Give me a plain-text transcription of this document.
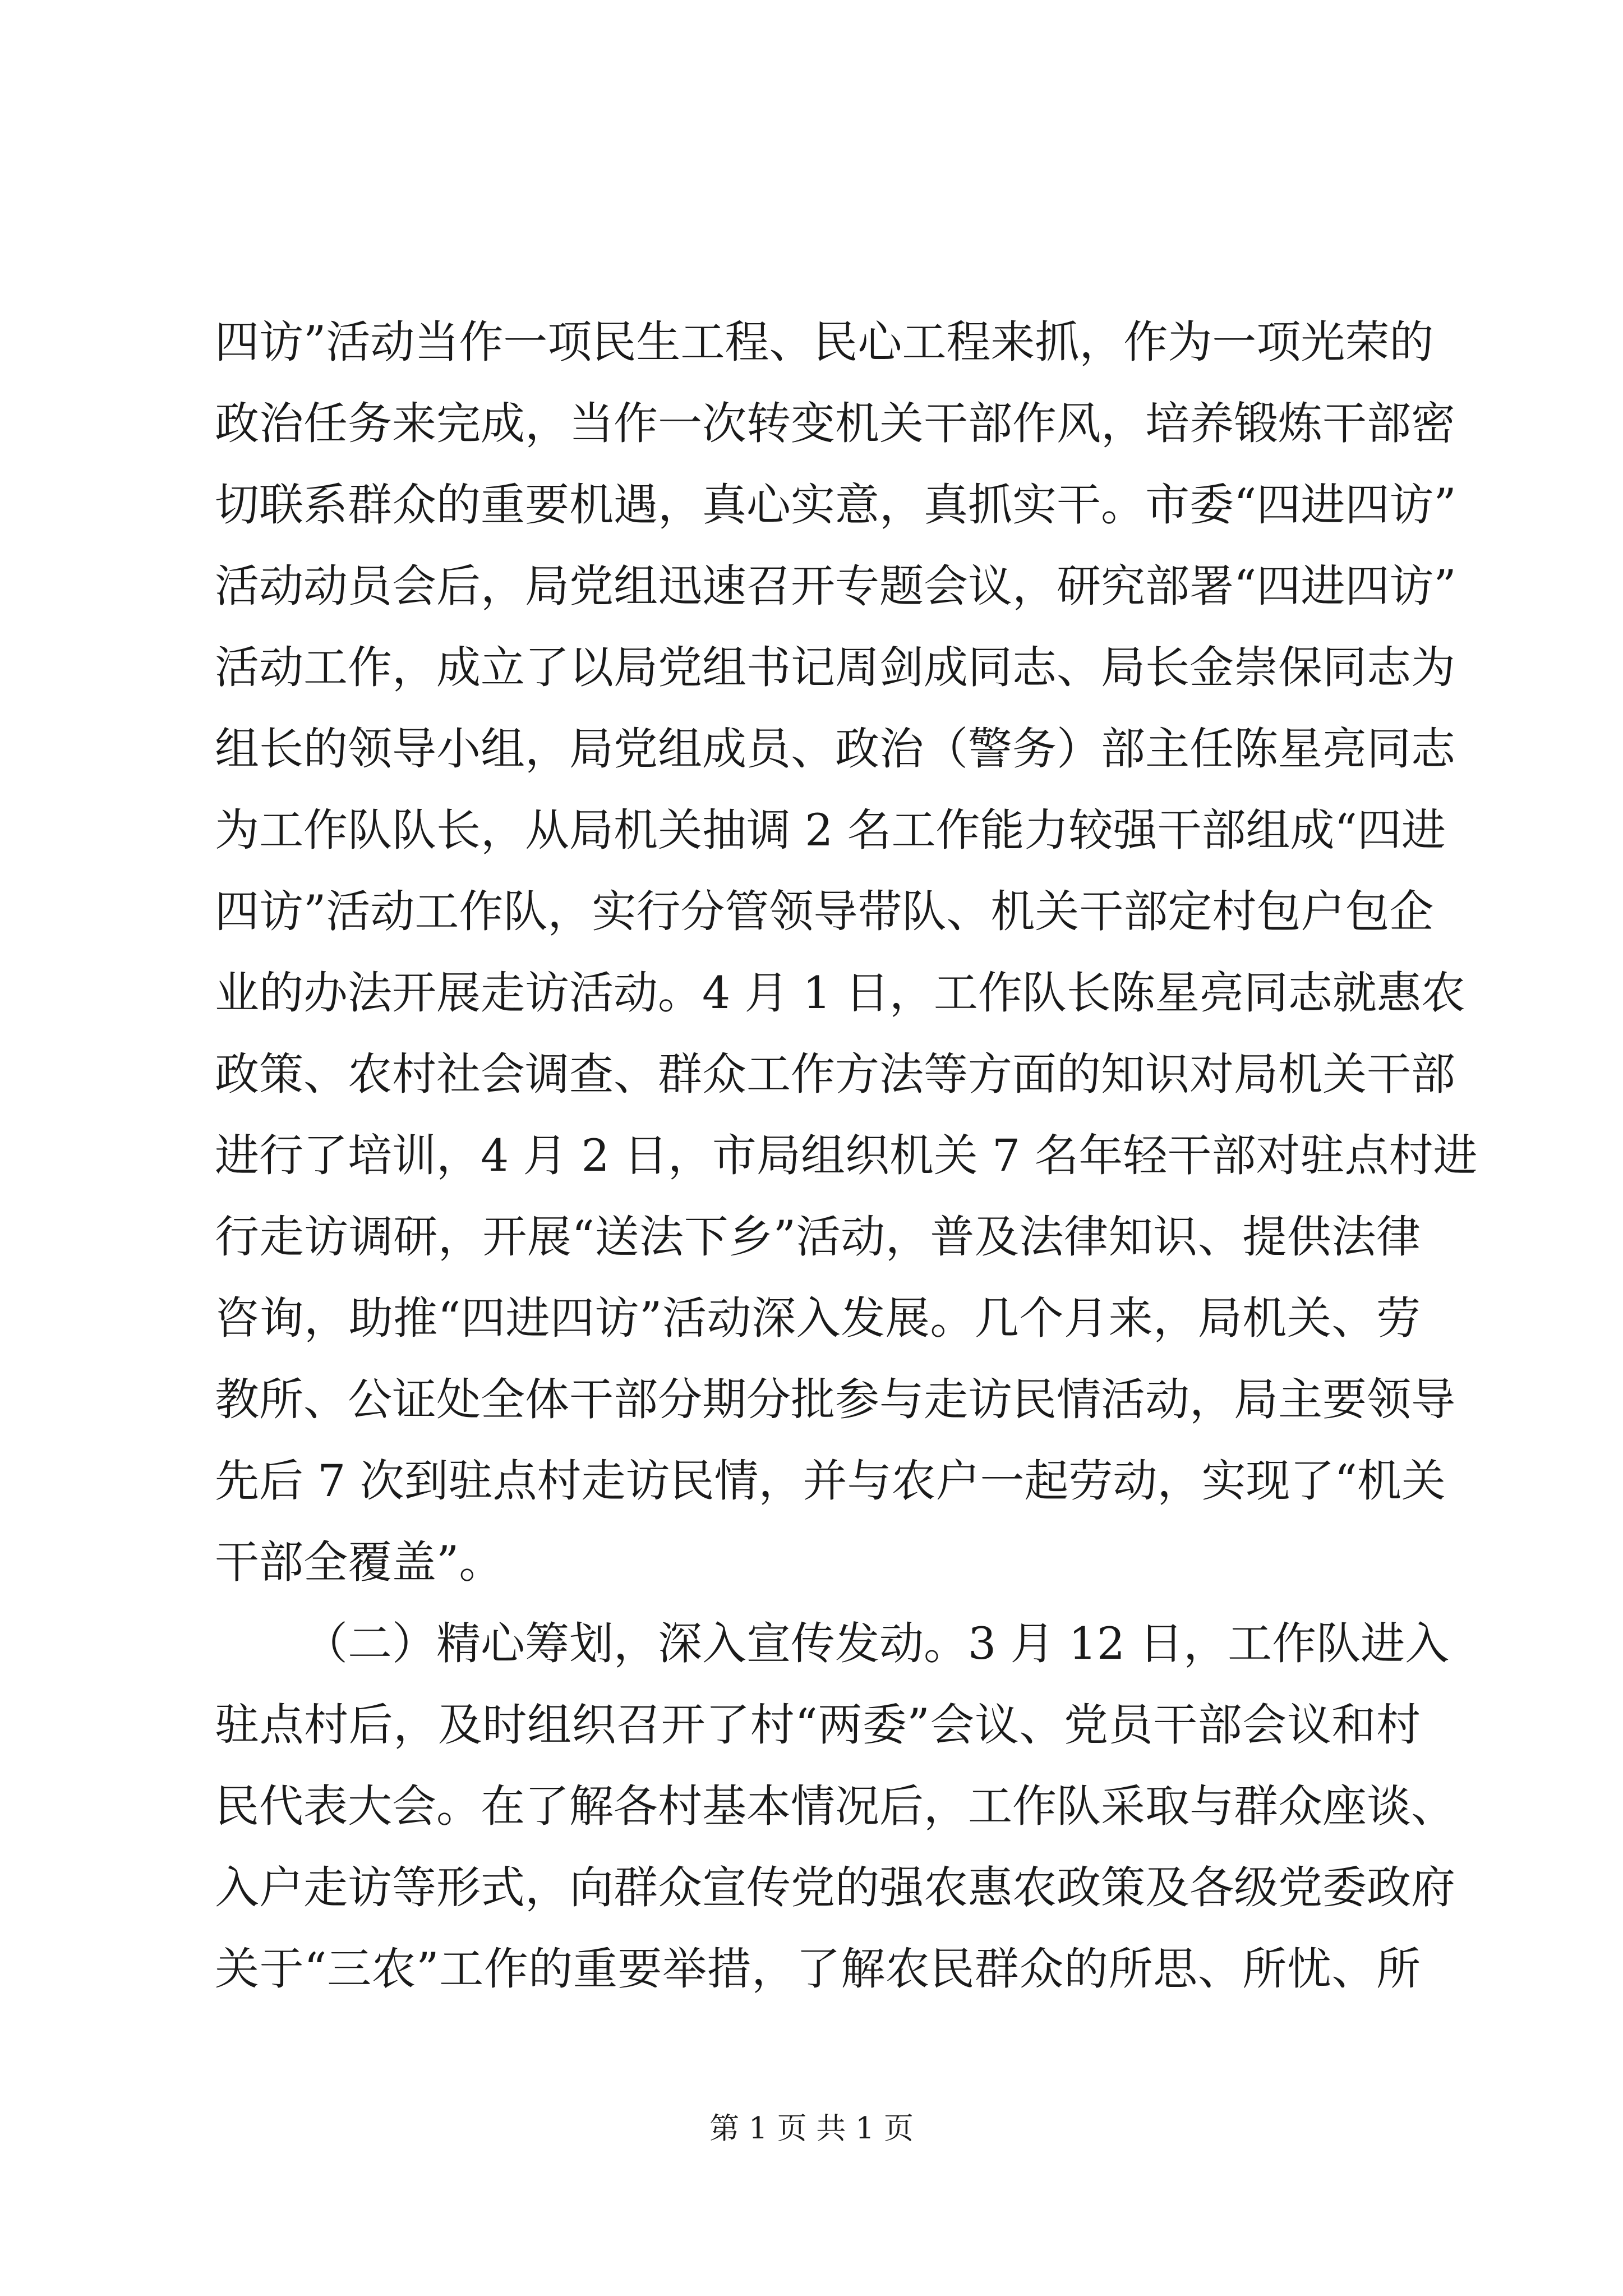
四访”活动当作一项民生工程、民心工程来抓，作为一项光荣的
政治任务来完成，当作一次转变机关干部作风，培养锻炼干部密
切联系群众的重要机遇，真心实意，真抓实干。市委“四进四访”
活动动员会后，局党组迅速召开专题会议，研究部署“四进四访”
活动工作，成立了以局党组书记周剑成同志、局长金崇保同志为
组长的领导小组，局党组成员、政治（警务）部主任陈星亮同志
为工作队队长，从局机关抽调 2 名工作能力较强干部组成“四进
四访”活动工作队，实行分管领导带队、机关干部定村包户包企
业的办法开展走访活动。4 月 1 日，工作队长陈星亮同志就惠农
政策、农村社会调查、群众工作方法等方面的知识对局机关干部
进行了培训，4 月 2 日，市局组织机关 7 名年轻干部对驻点村进
行走访调研，开展“送法下乡”活动，普及法律知识、提供法律
咨询，助推“四进四访”活动深入发展。几个月来，局机关、劳
教所、公证处全体干部分期分批参与走访民情活动，局主要领导
先后 7 次到驻点村走访民情，并与农户一起劳动，实现了“机关
干部全覆盖”。
（二）精心筹划，深入宣传发动。3 月 12 日，工作队进入
驻点村后，及时组织召开了村“两委”会议、党员干部会议和村
民代表大会。在了解各村基本情况后，工作队采取与群众座谈、
入户走访等形式，向群众宣传党的强农惠农政策及各级党委政府
关于“三农”工作的重要举措，了解农民群众的所思、所忧、所
第 1 页 共 1 页
